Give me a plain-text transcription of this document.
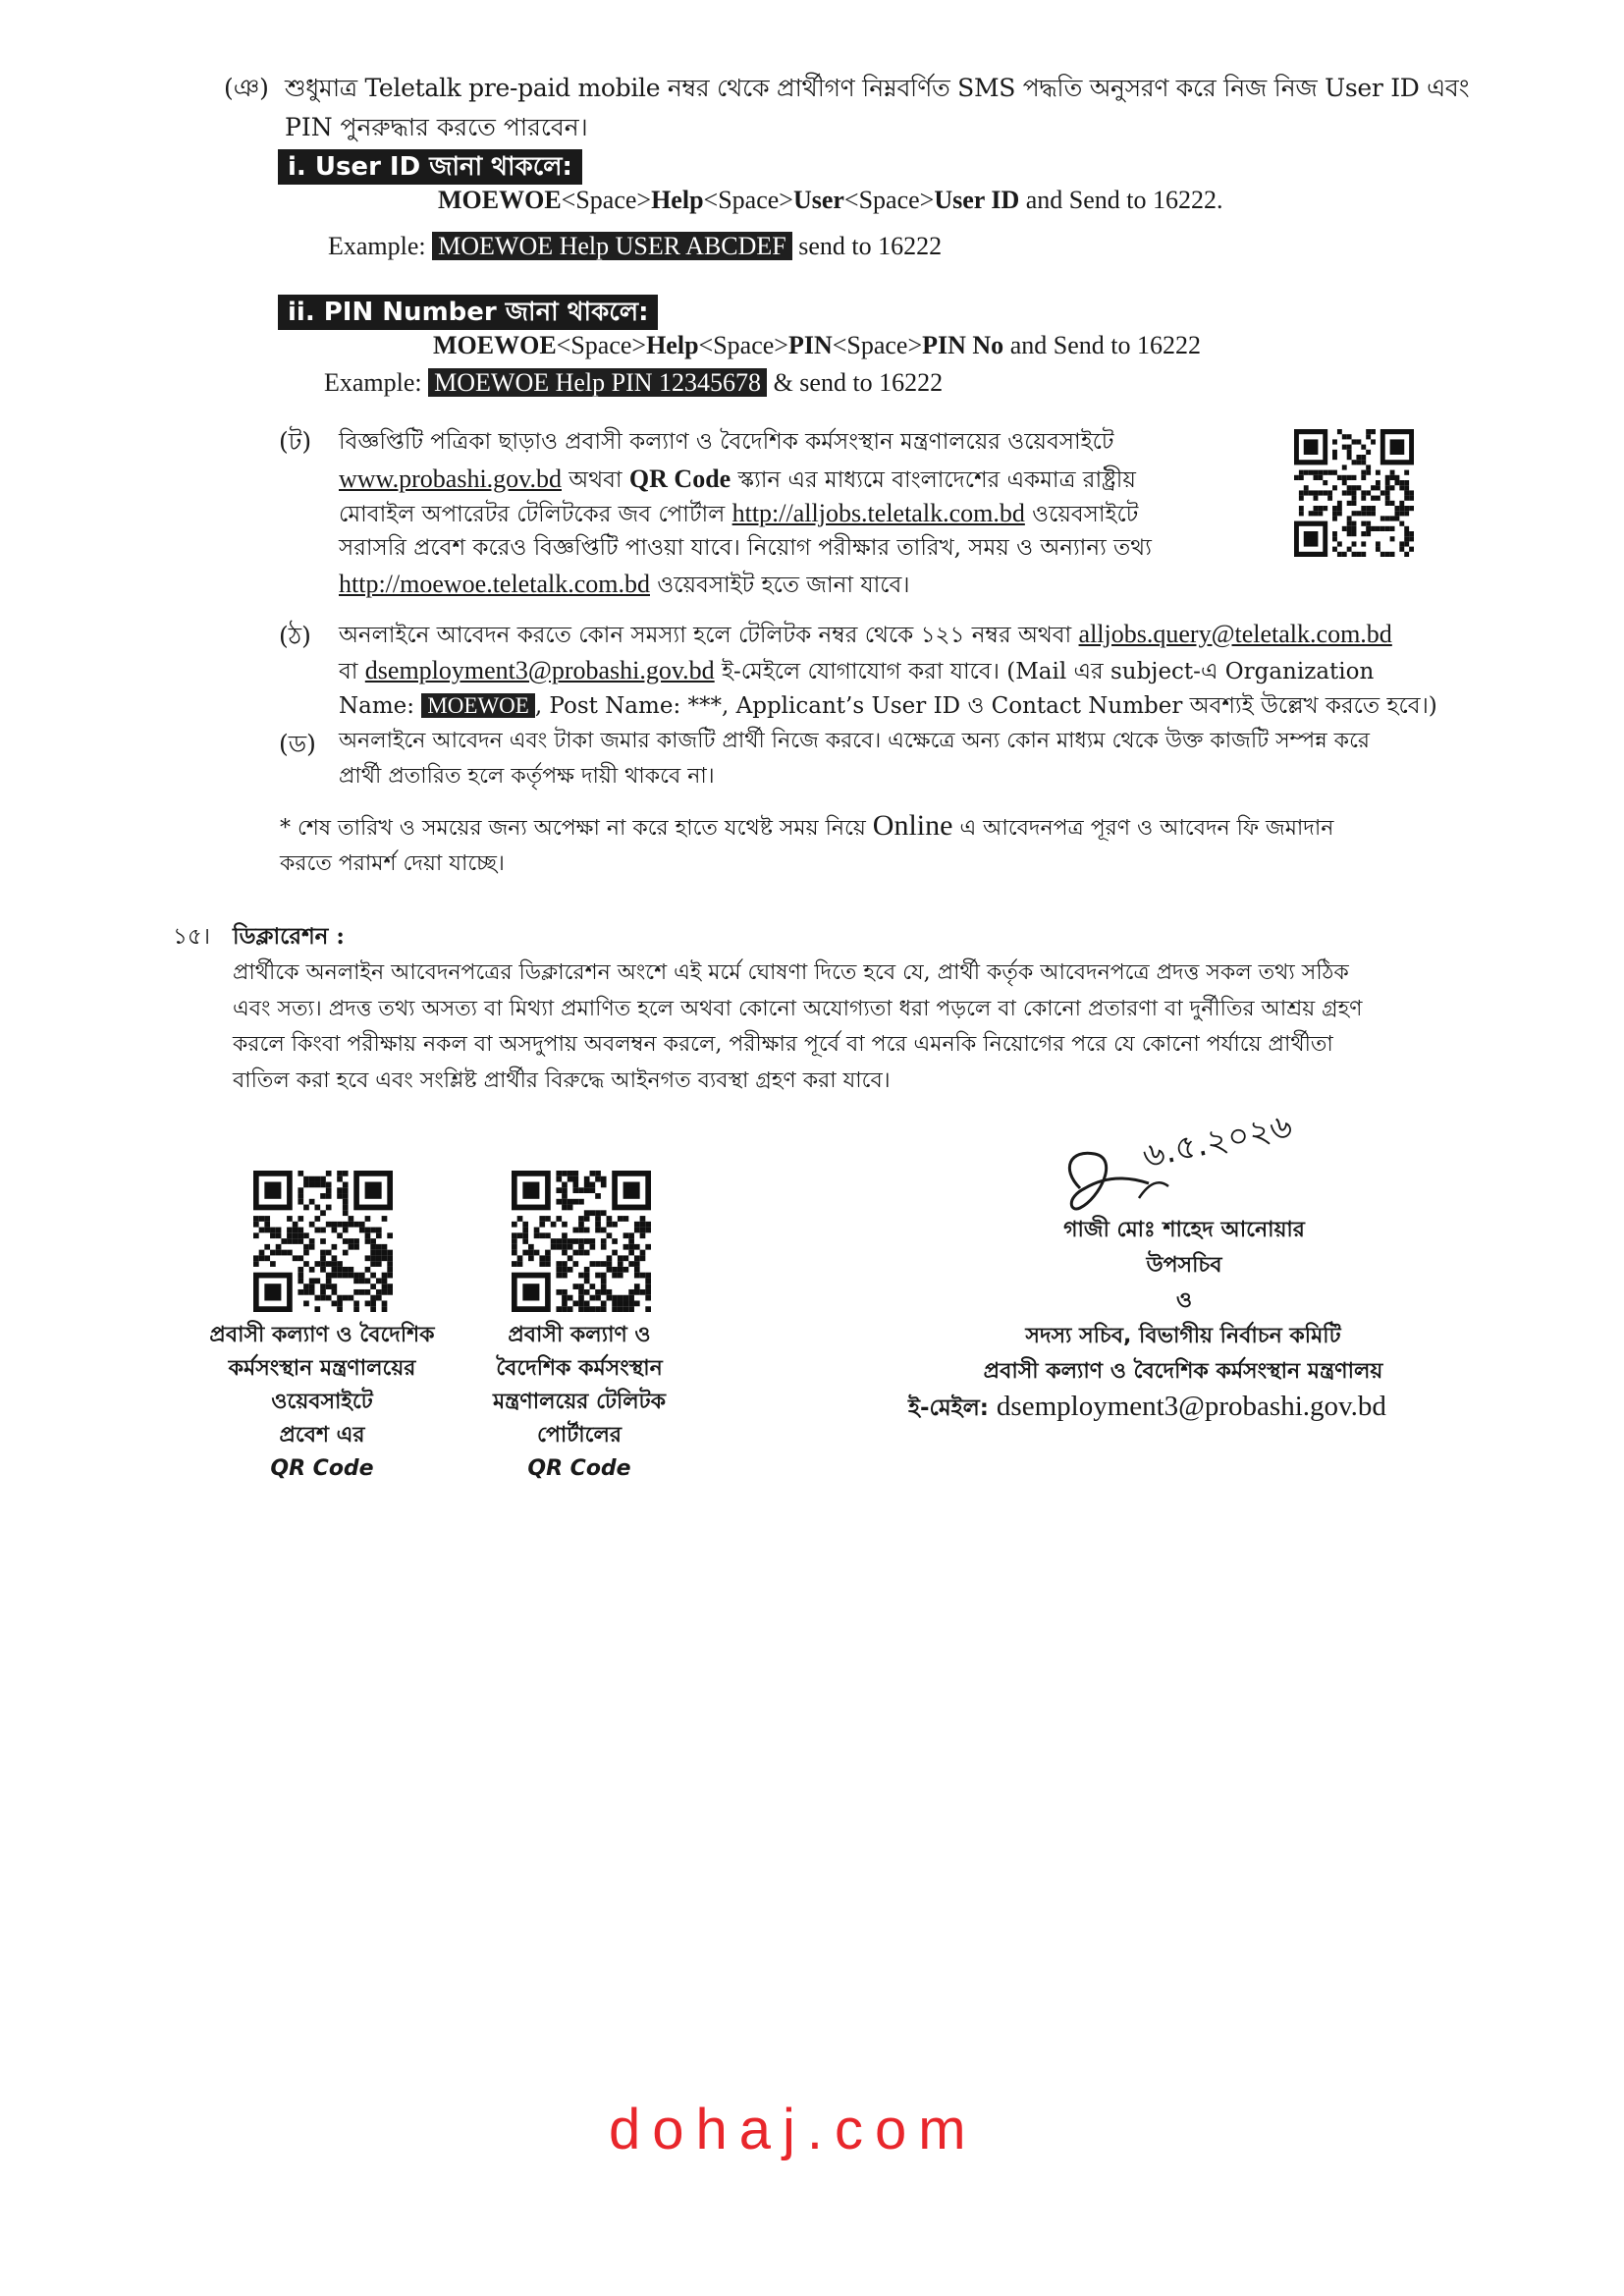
(ঞ) শুধুমাত্র Teletalk pre-paid mobile নম্বর থেকে প্রার্থীগণ নিম্নবর্ণিত SMS পদ্ধতি অনুসরণ করে নিজ নিজ User ID এবং
PIN পুনরুদ্ধার করতে পারবেন।
i. User ID জানা থাকলে:
MOEWOE<Space>Help<Space>User<Space>User ID and Send to 16222.
Example: MOEWOE Help USER ABCDEF send to 16222
ii. PIN Number জানা থাকলে:
MOEWOE<Space>Help<Space>PIN<Space>PIN No and Send to 16222
Example: MOEWOE Help PIN 12345678 & send to 16222
(ট) বিজ্ঞপ্তিটি পত্রিকা ছাড়াও প্রবাসী কল্যাণ ও বৈদেশিক কর্মসংস্থান মন্ত্রণালয়ের ওয়েবসাইটে
www.probashi.gov.bd অথবা QR Code স্ক্যান এর মাধ্যমে বাংলাদেশের একমাত্র রাষ্ট্রীয়
মোবাইল অপারেটর টেলিটকের জব পোর্টাল http://alljobs.teletalk.com.bd ওয়েবসাইটে
সরাসরি প্রবেশ করেও বিজ্ঞপ্তিটি পাওয়া যাবে। নিয়োগ পরীক্ষার তারিখ, সময় ও অন্যান্য তথ্য
http://moewoe.teletalk.com.bd ওয়েবসাইট হতে জানা যাবে।
(ঠ) অনলাইনে আবেদন করতে কোন সমস্যা হলে টেলিটক নম্বর থেকে ১২১ নম্বর অথবা alljobs.query@teletalk.com.bd
বা dsemployment3@probashi.gov.bd ই-মেইলে যোগাযোগ করা যাবে। (Mail এর subject-এ Organization
Name: MOEWOE , Post Name: ***, Applicant’s User ID ও Contact Number অবশ্যই উল্লেখ করতে হবে।)
(ড) অনলাইনে আবেদন এবং টাকা জমার কাজটি প্রার্থী নিজে করবে। এক্ষেত্রে অন্য কোন মাধ্যম থেকে উক্ত কাজটি সম্পন্ন করে
প্রার্থী প্রতারিত হলে কর্তৃপক্ষ দায়ী থাকবে না।
* শেষ তারিখ ও সময়ের জন্য অপেক্ষা না করে হাতে যথেষ্ট সময় নিয়ে Online এ আবেদনপত্র পূরণ ও আবেদন ফি জমাদান
করতে পরামর্শ দেয়া যাচ্ছে।
১৫। ডিক্লারেশন :
প্রার্থীকে অনলাইন আবেদনপত্রের ডিক্লারেশন অংশে এই মর্মে ঘোষণা দিতে হবে যে, প্রার্থী কর্তৃক আবেদনপত্রে প্রদত্ত সকল তথ্য সঠিক
এবং সত্য। প্রদত্ত তথ্য অসত্য বা মিথ্যা প্রমাণিত হলে অথবা কোনো অযোগ্যতা ধরা পড়লে বা কোনো প্রতারণা বা দুর্নীতির আশ্রয় গ্রহণ
করলে কিংবা পরীক্ষায় নকল বা অসদুপায় অবলম্বন করলে, পরীক্ষার পূর্বে বা পরে এমনকি নিয়োগের পরে যে কোনো পর্যায়ে প্রার্থীতা
বাতিল করা হবে এবং সংশ্লিষ্ট প্রার্থীর বিরুদ্ধে আইনগত ব্যবস্থা গ্রহণ করা যাবে।
প্রবাসী কল্যাণ ও বৈদেশিক
কর্মসংস্থান মন্ত্রণালয়ের
ওয়েবসাইটে
প্রবেশ এর
QR Code
প্রবাসী কল্যাণ ও
বৈদেশিক কর্মসংস্থান
মন্ত্রণালয়ের টেলিটক
পোর্টালের
QR Code
৬.৫.২০২৬
গাজী মোঃ শাহেদ আনোয়ার
উপসচিব
ও
সদস্য সচিব, বিভাগীয় নির্বাচন কমিটি
প্রবাসী কল্যাণ ও বৈদেশিক কর্মসংস্থান মন্ত্রণালয়
ই-মেইল: dsemployment3@probashi.gov.bd
dohaj.com
